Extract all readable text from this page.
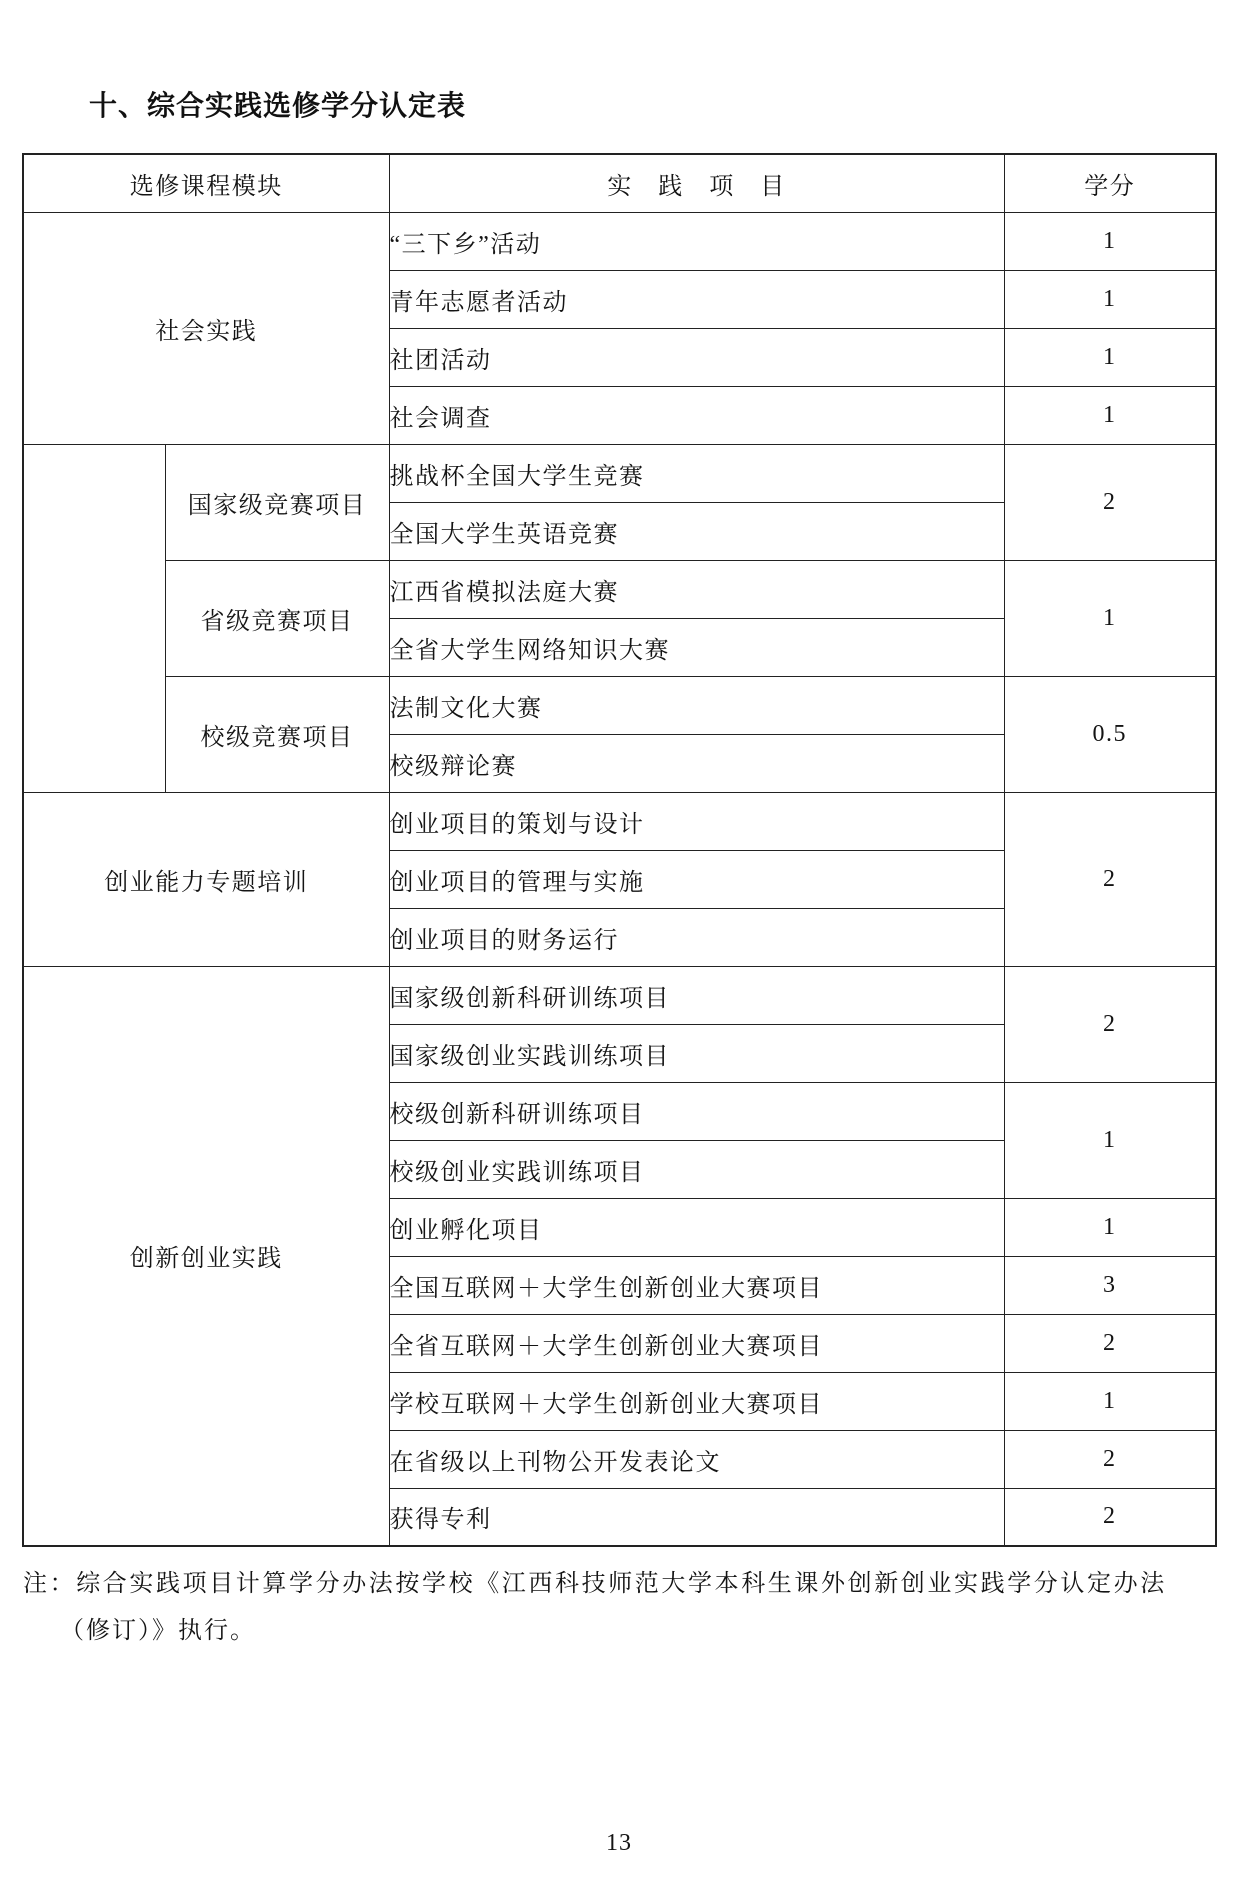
十、综合实践选修学分认定表
选修课程模块		实　践　项　目	学分
社会实践		“三下乡”活动	1
		青年志愿者活动	1
		社团活动	1
		社会调查	1
	国家级竞赛项目	挑战杯全国大学生竞赛	2
		全国大学生英语竞赛	
	省级竞赛项目	江西省模拟法庭大赛	1
		全省大学生网络知识大赛	
	校级竞赛项目	法制文化大赛	0.5
		校级辩论赛	
创业能力专题培训		创业项目的策划与设计	2
		创业项目的管理与实施	
		创业项目的财务运行	
创新创业实践		国家级创新科研训练项目	2
		国家级创业实践训练项目	
		校级创新科研训练项目	1
		校级创业实践训练项目	
		创业孵化项目	1
		全国互联网＋大学生创新创业大赛项目	3
		全省互联网＋大学生创新创业大赛项目	2
		学校互联网＋大学生创新创业大赛项目	1
		在省级以上刊物公开发表论文	2
		获得专利	2
注：综合实践项目计算学分办法按学校《江西科技师范大学本科生课外创新创业实践学分认定办法
（修订）》执行。
13
